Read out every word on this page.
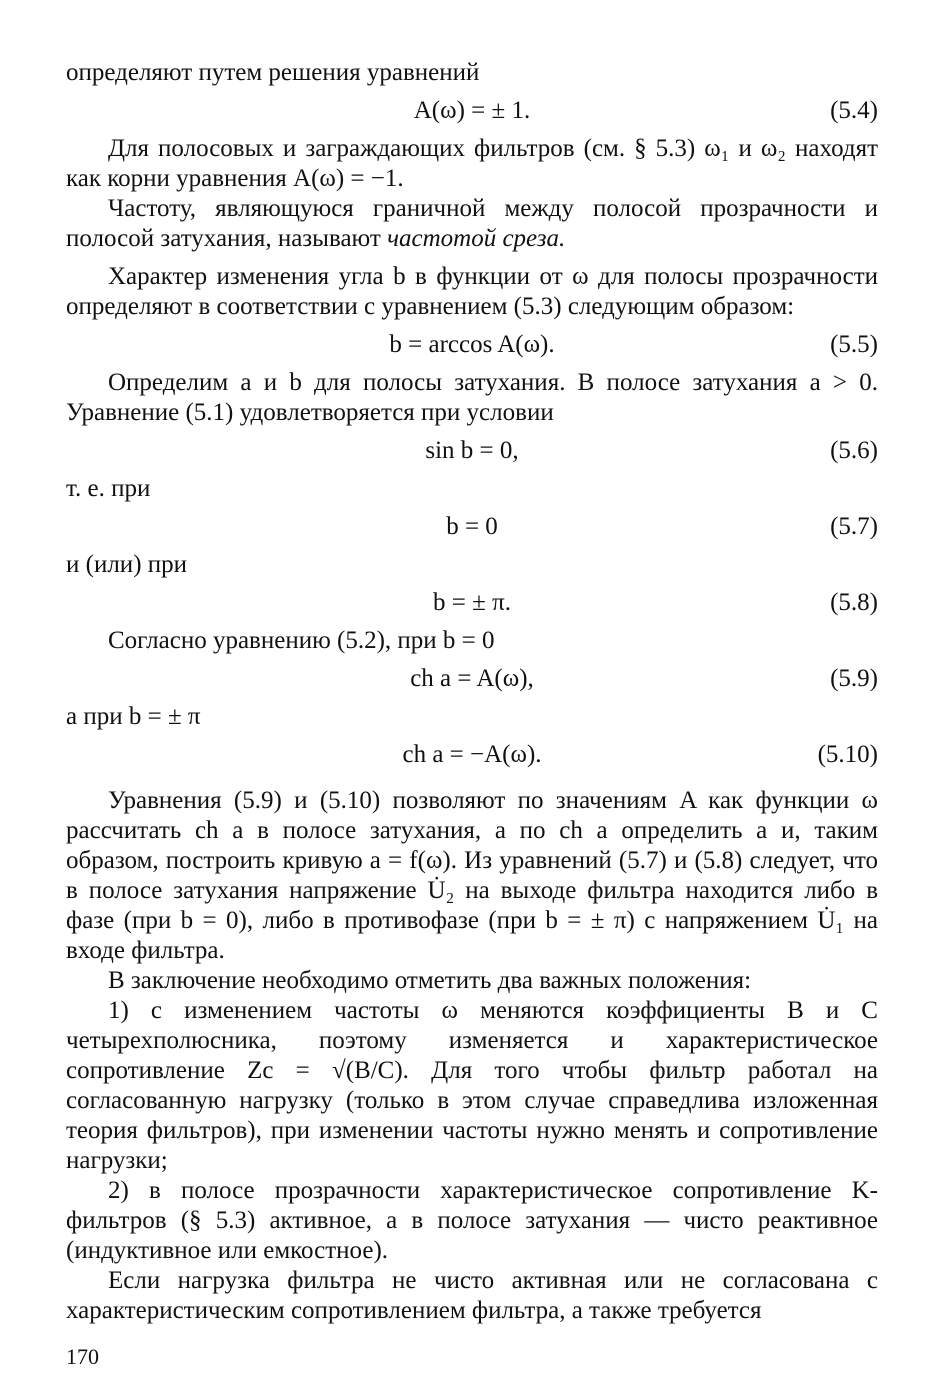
определяют путем решения уравнений

A(ω) = ± 1.	(5.4)

Для полосовых и заграждающих фильтров (см. § 5.3) ω₁ и ω₂ находят как корни уравнения A(ω) = −1.

Частоту, являющуюся граничной между полосой прозрачности и полосой затухания, называют частотой среза.

Характер изменения угла b в функции от ω для полосы прозрачности определяют в соответствии с уравнением (5.3) следующим образом:

b = arccos A(ω).	(5.5)

Определим a и b для полосы затухания. В полосе затухания a > 0. Уравнение (5.1) удовлетворяется при условии

sin b = 0,	(5.6)

т. е. при

b = 0	(5.7)

и (или) при

b = ± π.	(5.8)

Согласно уравнению (5.2), при b = 0

ch a = A(ω),	(5.9)

а при b = ± π

ch a = −A(ω).	(5.10)

Уравнения (5.9) и (5.10) позволяют по значениям A как функции ω рассчитать ch a в полосе затухания, а по ch a определить a и, таким образом, построить кривую a = f(ω). Из уравнений (5.7) и (5.8) следует, что в полосе затухания напряжение U̇₂ на выходе фильтра находится либо в фазе (при b = 0), либо в противофазе (при b = ± π) с напряжением U̇₁ на входе фильтра.

В заключение необходимо отметить два важных положения:

1) с изменением частоты ω меняются коэффициенты B и C четырехполюсника, поэтому изменяется и характеристическое сопротивление Zс = √(B/C). Для того чтобы фильтр работал на согласованную нагрузку (только в этом случае справедлива изложенная теория фильтров), при изменении частоты нужно менять и сопротивление нагрузки;

2) в полосе прозрачности характеристическое сопротивление K-фильтров (§ 5.3) активное, а в полосе затухания — чисто реактивное (индуктивное или емкостное).

Если нагрузка фильтра не чисто активная или не согласована с характеристическим сопротивлением фильтра, а также требуется

170
